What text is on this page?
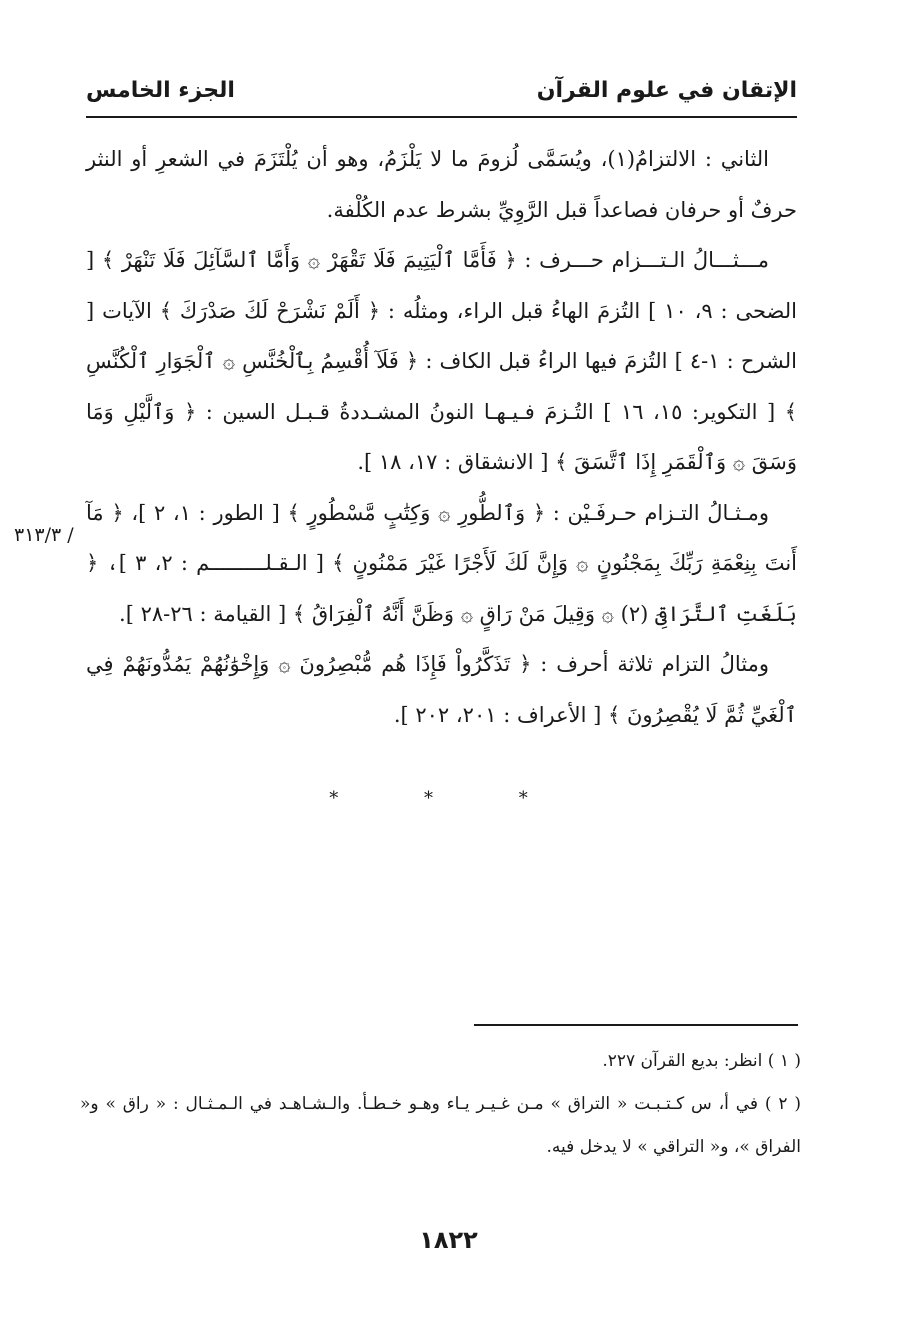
الإتقان في علوم القرآن
الجزء الخامس

الثاني : الالتزامُ(١)، ويُسَمَّى لُزومَ ما لا يَلْزَمُ، وهو أن يُلْتَزَمَ في الشعرِ أو النثر حرفٌ أو حرفان فصاعداً قبل الرَّوِيِّ بشرط عدم الكُلْفة.

مـــثـــالُ الـتـــزام حـــرف : ﴿ فَأَمَّا ٱلْيَتِيمَ فَلَا تَقْهَرْ ۞ وَأَمَّا ٱلسَّآئِلَ فَلَا تَنْهَرْ ﴾ [ الضحى : ٩، ١٠ ] التُزمَ الهاءُ قبل الراء، ومثلُه : ﴿ أَلَمْ نَشْرَحْ لَكَ صَدْرَكَ ﴾ الآيات [ الشرح : ١-٤ ] التُزمَ فيها الراءُ قبل الكاف : ﴿ فَلَآ أُقْسِمُ بِٱلْخُنَّسِ ۞ ٱلْجَوَارِ ٱلْكُنَّسِ ﴾ [ التكوير: ١٥، ١٦ ] التُـزمَ فـيـهـا النونُ المشـددةُ قـبـل السين : ﴿ وَٱلَّيْلِ وَمَا وَسَقَ ۞ وَٱلْقَمَرِ إِذَا ٱتَّسَقَ ﴾ [ الانشقاق : ١٧، ١٨ ].

ومـثـالُ التـزام حـرفَـيْن : ﴿ وَٱلطُّورِ ۞ وَكِتَٰبٍ مَّسْطُورٍ ﴾ [ الطور : ١، ٢ ]، ﴿ مَآ أَنتَ بِنِعْمَةِ رَبِّكَ بِمَجْنُونٍ ۞ وَإِنَّ لَكَ لَأَجْرًا غَيْرَ مَمْنُونٍ ﴾ [ الـقـلـــــــــم : ٢، ٣ ]، ﴿ بَلَغَتِ ٱلتَّرَاقِىَ (٢) ۞ وَقِيلَ مَنْ رَاقٍ ۞ وَظَنَّ أَنَّهُ ٱلْفِرَاقُ ﴾ [ القيامة : ٢٦-٢٨ ].

ومثالُ التزام ثلاثة أحرف : ﴿ تَذَكَّرُواْ فَإِذَا هُم مُّبْصِرُونَ ۞ وَإِخْوَٰنُهُمْ يَمُدُّونَهُمْ فِي ٱلْغَيِّ ثُمَّ لَا يُقْصِرُونَ ﴾ [ الأعراف : ٢٠١، ٢٠٢ ].

/ ٣١٣/٣
* * *

( ١ ) انظر: بديع القرآن ٢٢٧.

( ٢ ) في أ، س كـتـبـت « التراق » مـن غـيـر يـاء وهـو خـطـأ. والـشـاهـد في الـمـثـال : « راق » و« الفراق »، و« التراقي » لا يدخل فيه.

١٨٢٢
